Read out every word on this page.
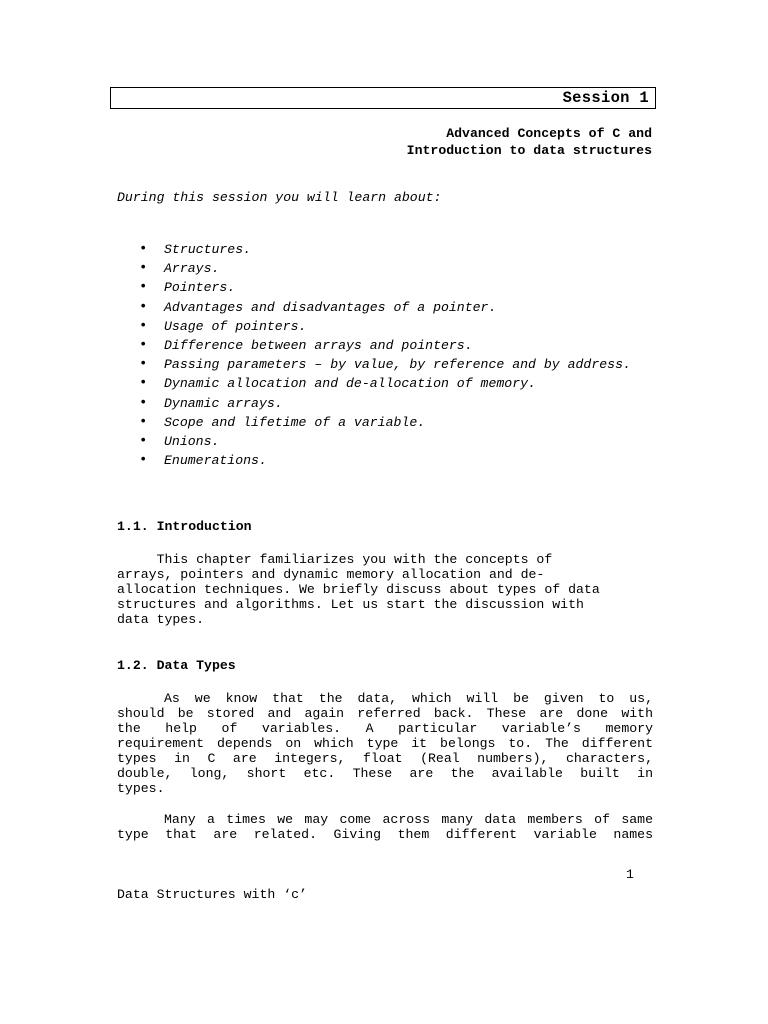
Session 1
Advanced Concepts of C and
Introduction to data structures
During this session you will learn about:
• Structures.
• Arrays.
• Pointers.
• Advantages and disadvantages of a pointer.
• Usage of pointers.
• Difference between arrays and pointers.
• Passing parameters – by value, by reference and by address.
• Dynamic allocation and de-allocation of memory.
• Dynamic arrays.
• Scope and lifetime of a variable.
• Unions.
• Enumerations.
1.1. Introduction
This chapter familiarizes you with the concepts of
arrays, pointers and dynamic memory allocation and de-
allocation techniques. We briefly discuss about types of data
structures and algorithms. Let us start the discussion with
data types.
1.2. Data Types
As we know that the data, which will be given to us,
should be stored and again referred back. These are done with
the help of variables. A particular variable’s memory
requirement depends on which type it belongs to. The different
types in C are integers, float (Real numbers), characters,
double, long, short etc. These are the available built in
types.
Many a times we may come across many data members of same
type that are related. Giving them different variable names
1
Data Structures with ‘c’
